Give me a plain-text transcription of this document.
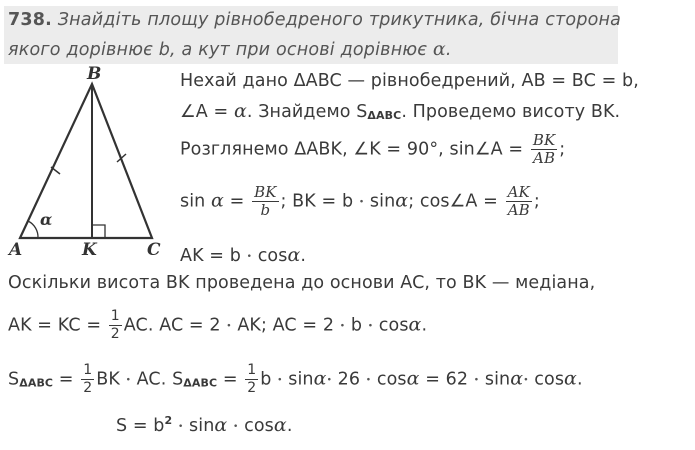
738. Знайдіть площу рівнобедреного трикутника, бічна сторона
якого дорівнює b, а кут при основі дорівнює α.
B
A	K	C
α
Нехай дано ΔABC — рівнобедрений, AB = BC = b,
∠A = α. Знайдемо SΔABC. Проведемо висоту BK.
Розглянемо ΔABK, ∠K = 90°, sin∠A = $\frac{BK}{AB}$ ;
$\sin \alpha = \frac{BK}{b}$ ; BK = b • sinα; cos∠A = $\frac{AK}{AB}$ ;
AK = b • cosα.
Оскільки висота BK проведена до основи AC, то BK — медіана,
AK = KC = $\frac{1}{2}$ AC. AC = 2 • AK; AC = 2 • b • cosα.
$S\Delta ABC = \frac{1}{2}$ BK • AC. $S\Delta ABC = \frac{1}{2}$ b • sinα• 26 • cosα = 62 • sinα• cosα.
$S = b^2$ • sinα • cosα.
